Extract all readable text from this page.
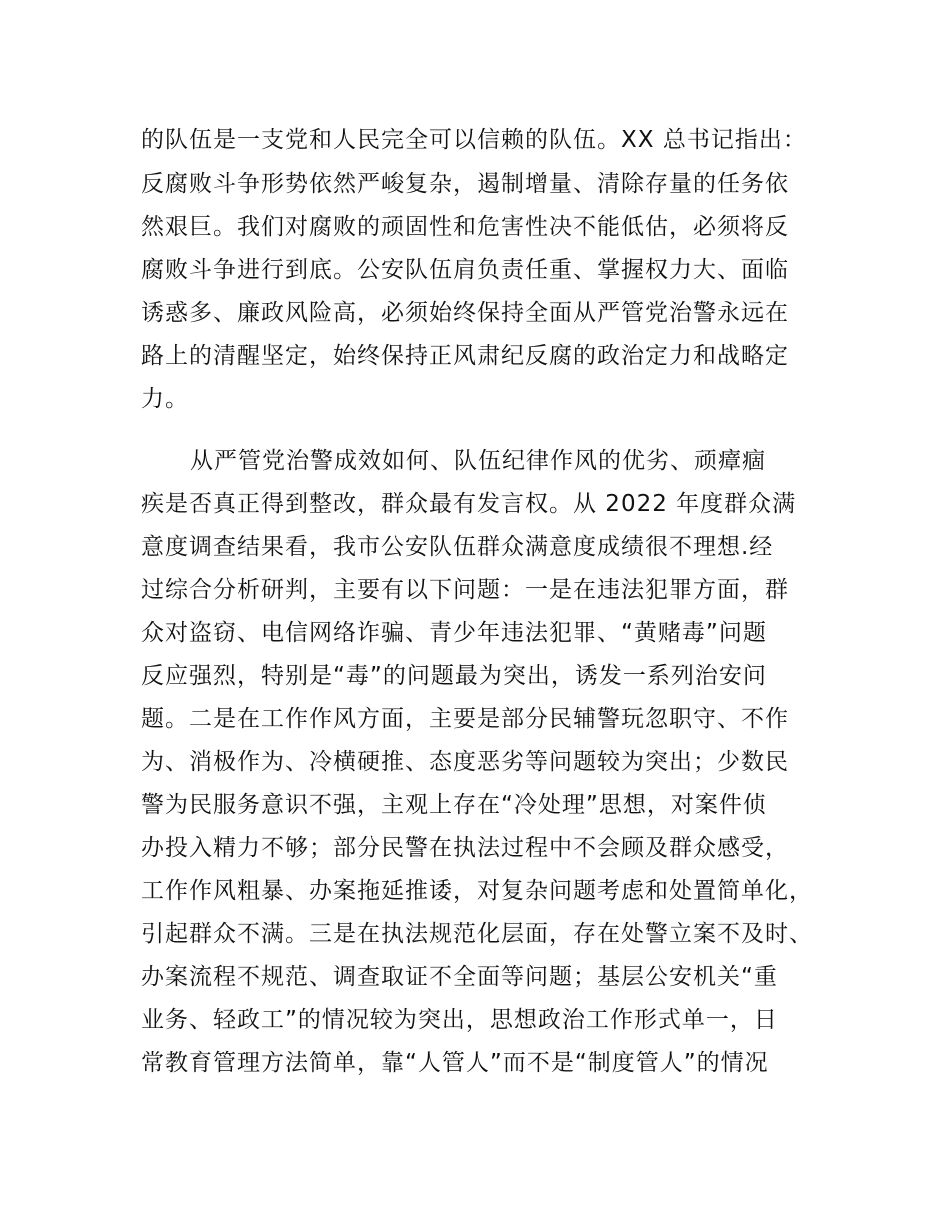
的队伍是一支党和人民完全可以信赖的队伍。XX 总书记指出：
反腐败斗争形势依然严峻复杂，遏制增量、清除存量的任务依
然艰巨。我们对腐败的顽固性和危害性决不能低估，必须将反
腐败斗争进行到底。公安队伍肩负责任重、掌握权力大、面临
诱惑多、廉政风险高，必须始终保持全面从严管党治警永远在
路上的清醒坚定，始终保持正风肃纪反腐的政治定力和战略定
力。
从严管党治警成效如何、队伍纪律作风的优劣、顽瘴痼
疾是否真正得到整改，群众最有发言权。从 2022 年度群众满
意度调查结果看，我市公安队伍群众满意度成绩很不理想.经
过综合分析研判，主要有以下问题：一是在违法犯罪方面，群
众对盗窃、电信网络诈骗、青少年违法犯罪、“黄赌毒”问题
反应强烈，特别是“毒”的问题最为突出，诱发一系列治安问
题。二是在工作作风方面，主要是部分民辅警玩忽职守、不作
为、消极作为、冷横硬推、态度恶劣等问题较为突出；少数民
警为民服务意识不强，主观上存在“冷处理”思想，对案件侦
办投入精力不够；部分民警在执法过程中不会顾及群众感受，
工作作风粗暴、办案拖延推诿，对复杂问题考虑和处置简单化，
引起群众不满。三是在执法规范化层面，存在处警立案不及时、
办案流程不规范、调查取证不全面等问题；基层公安机关“重
业务、轻政工”的情况较为突出，思想政治工作形式单一，日
常教育管理方法简单，靠“人管人”而不是“制度管人”的情况
